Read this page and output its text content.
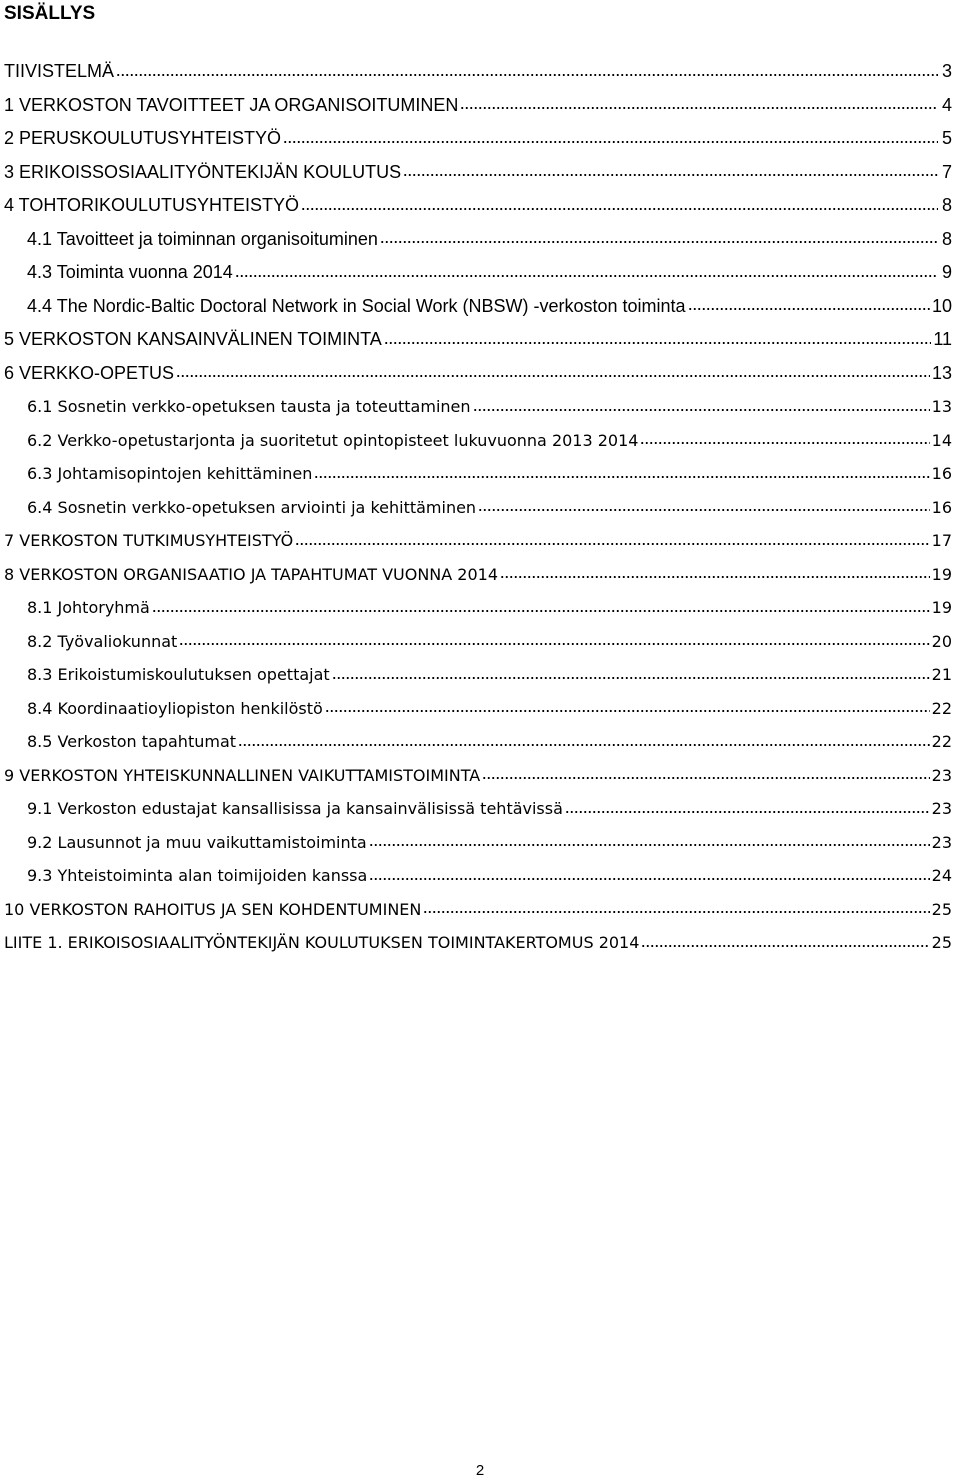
SISÄLLYS
TIIVISTELMÄ	3
1 VERKOSTON TAVOITTEET JA ORGANISOITUMINEN	4
2 PERUSKOULUTUSYHTEISTYÖ	5
3 ERIKOISSOSIAALITYÖNTEKIJÄN KOULUTUS	7
4 TOHTORIKOULUTUSYHTEISTYÖ	8
4.1 Tavoitteet ja toiminnan organisoituminen	8
4.3 Toiminta vuonna 2014	9
4.4 The Nordic-Baltic Doctoral Network in Social Work (NBSW) -verkoston toiminta	10
5 VERKOSTON KANSAINVÄLINEN TOIMINTA	11
6 VERKKO-OPETUS	13
6.1 Sosnetin verkko-opetuksen tausta ja toteuttaminen	13
6.2 Verkko-opetustarjonta ja suoritetut opintopisteet lukuvuonna 2013 2014	14
6.3 Johtamisopintojen kehittäminen	16
6.4 Sosnetin verkko-opetuksen arviointi ja kehittäminen	16
7 VERKOSTON TUTKIMUSYHTEISTYÖ	17
8 VERKOSTON ORGANISAATIO JA TAPAHTUMAT VUONNA 2014	19
8.1 Johtoryhmä	19
8.2 Työvaliokunnat	20
8.3 Erikoistumiskoulutuksen opettajat	21
8.4 Koordinaatioyliopiston henkilöstö	22
8.5 Verkoston tapahtumat	22
9 VERKOSTON YHTEISKUNNALLINEN VAIKUTTAMISTOIMINTA	23
9.1 Verkoston edustajat kansallisissa ja kansainvälisissä tehtävissä	23
9.2 Lausunnot ja muu vaikuttamistoiminta	23
9.3 Yhteistoiminta alan toimijoiden kanssa	24
10 VERKOSTON RAHOITUS JA SEN KOHDENTUMINEN	25
LIITE 1. ERIKOISOSIAALITYÖNTEKIJÄN KOULUTUKSEN TOIMINTAKERTOMUS 2014	25
2
